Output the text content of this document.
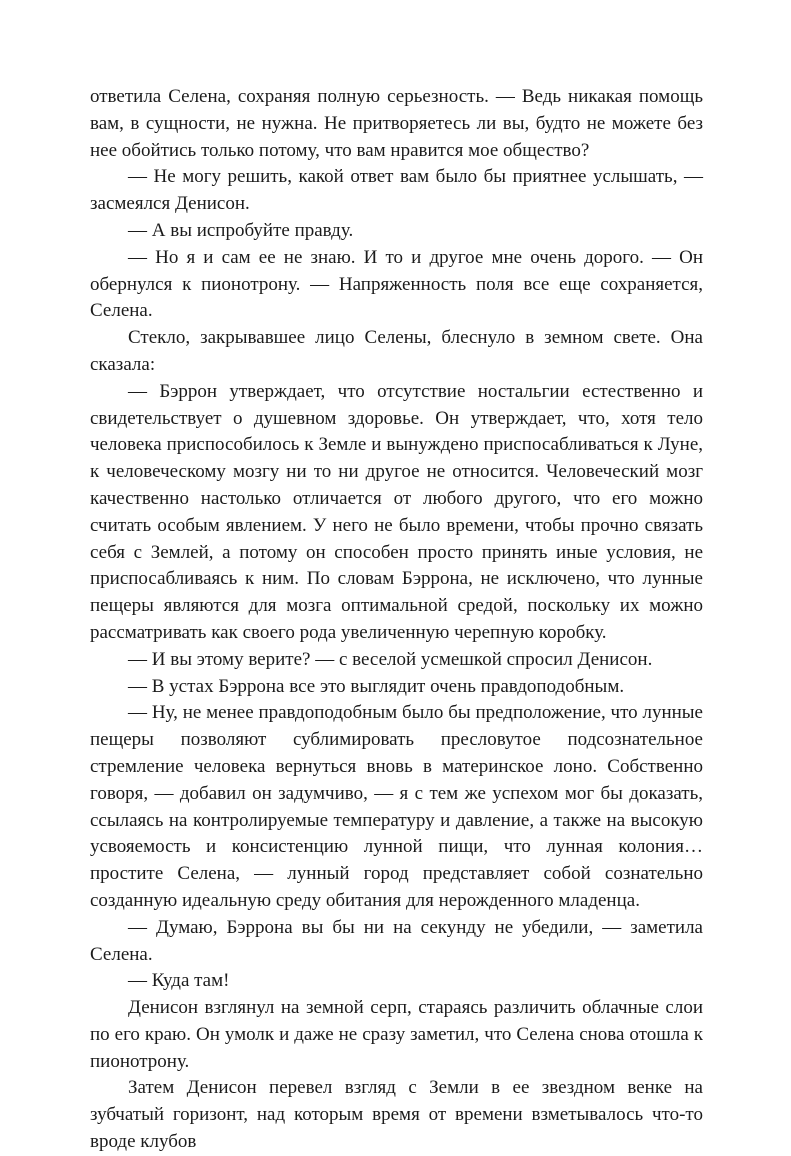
ответила Селена, сохраняя полную серьезность. — Ведь никакая помощь вам, в сущности, не нужна. Не притворяетесь ли вы, будто не можете без нее обойтись только потому, что вам нравится мое общество?

— Не могу решить, какой ответ вам было бы приятнее услышать, — засмеялся Денисон.

— А вы испробуйте правду.

— Но я и сам ее не знаю. И то и другое мне очень дорого. — Он обернулся к пионотрону. — Напряженность поля все еще сохраняется, Селена.

Стекло, закрывавшее лицо Селены, блеснуло в земном свете. Она сказала:

— Бэррон утверждает, что отсутствие ностальгии естественно и свидетельствует о душевном здоровье. Он утверждает, что, хотя тело человека приспособилось к Земле и вынуждено приспосабливаться к Луне, к человеческому мозгу ни то ни другое не относится. Человеческий мозг качественно настолько отличается от любого другого, что его можно считать особым явлением. У него не было времени, чтобы прочно связать себя с Землей, а потому он способен просто принять иные условия, не приспосабливаясь к ним. По словам Бэррона, не исключено, что лунные пещеры являются для мозга оптимальной средой, поскольку их можно рассматривать как своего рода увеличенную черепную коробку.

— И вы этому верите? — с веселой усмешкой спросил Денисон.

— В устах Бэррона все это выглядит очень правдоподобным.

— Ну, не менее правдоподобным было бы предположение, что лунные пещеры позволяют сублимировать пресловутое подсознательное стремление человека вернуться вновь в материнское лоно. Собственно говоря, — добавил он задумчиво, — я с тем же успехом мог бы доказать, ссылаясь на контролируемые температуру и давление, а также на высокую усвояемость и консистенцию лунной пищи, что лунная колония… простите Селена, — лунный город представляет собой сознательно созданную идеальную среду обитания для нерожденного младенца.

— Думаю, Бэррона вы бы ни на секунду не убедили, — заметила Селена.

— Куда там!

Денисон взглянул на земной серп, стараясь различить облачные слои по его краю. Он умолк и даже не сразу заметил, что Селена снова отошла к пионотрону.

Затем Денисон перевел взгляд с Земли в ее звездном венке на зубчатый горизонт, над которым время от времени взметывалось что-то вроде клубов
